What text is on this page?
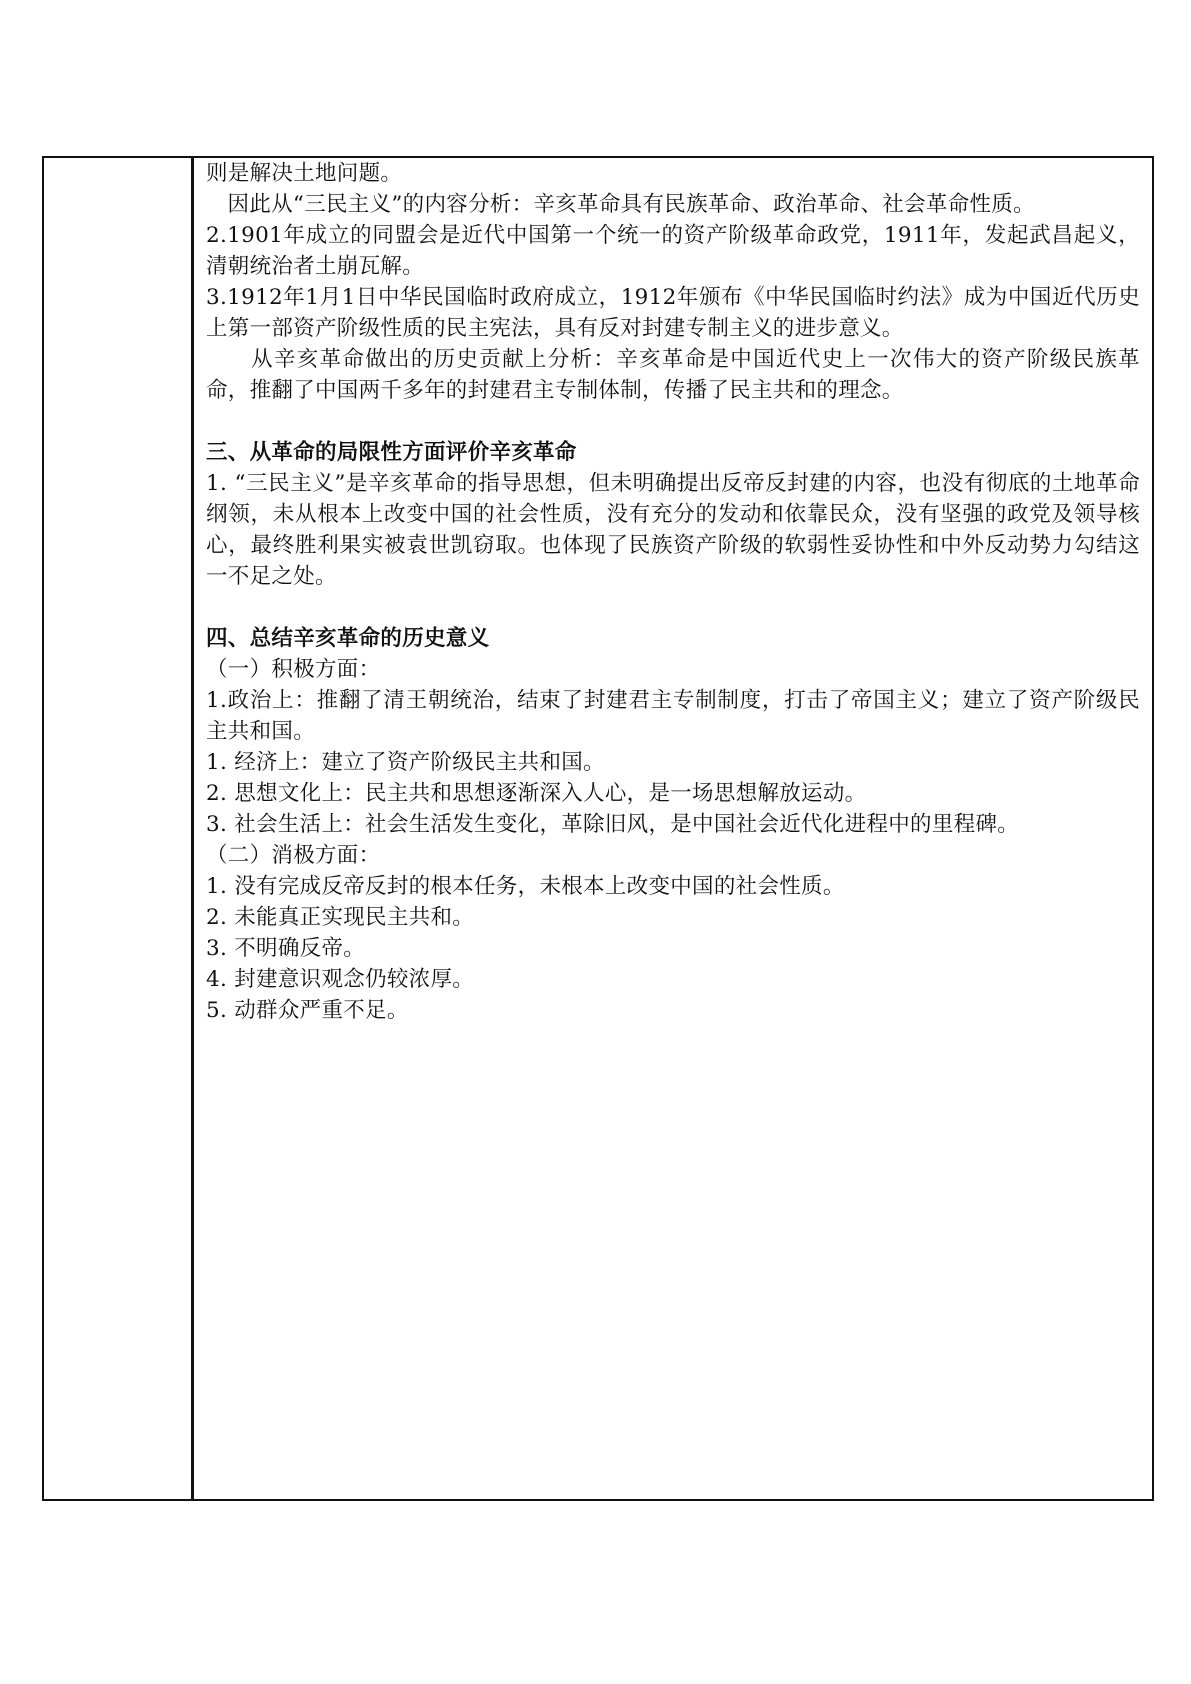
则是解决土地问题。

因此从“三民主义”的内容分析：辛亥革命具有民族革命、政治革命、社会革命性质。

2.1901年成立的同盟会是近代中国第一个统一的资产阶级革命政党，1911年，发起武昌起义，清朝统治者土崩瓦解。

3.1912年1月1日中华民国临时政府成立，1912年颁布《中华民国临时约法》成为中国近代历史上第一部资产阶级性质的民主宪法，具有反对封建专制主义的进步意义。

从辛亥革命做出的历史贡献上分析：辛亥革命是中国近代史上一次伟大的资产阶级民族革命，推翻了中国两千多年的封建君主专制体制，传播了民主共和的理念。

三、从革命的局限性方面评价辛亥革命

1. “三民主义”是辛亥革命的指导思想，但未明确提出反帝反封建的内容，也没有彻底的土地革命纲领，未从根本上改变中国的社会性质，没有充分的发动和依靠民众，没有坚强的政党及领导核心，最终胜利果实被袁世凯窃取。也体现了民族资产阶级的软弱性妥协性和中外反动势力勾结这一不足之处。

四、总结辛亥革命的历史意义

（一）积极方面：

1.政治上：推翻了清王朝统治，结束了封建君主专制制度，打击了帝国主义；建立了资产阶级民主共和国。

1. 经济上：建立了资产阶级民主共和国。

2. 思想文化上：民主共和思想逐渐深入人心，是一场思想解放运动。

3. 社会生活上：社会生活发生变化，革除旧风，是中国社会近代化进程中的里程碑。

（二）消极方面：

1. 没有完成反帝反封的根本任务，未根本上改变中国的社会性质。

2. 未能真正实现民主共和。

3. 不明确反帝。

4. 封建意识观念仍较浓厚。

5. 动群众严重不足。
